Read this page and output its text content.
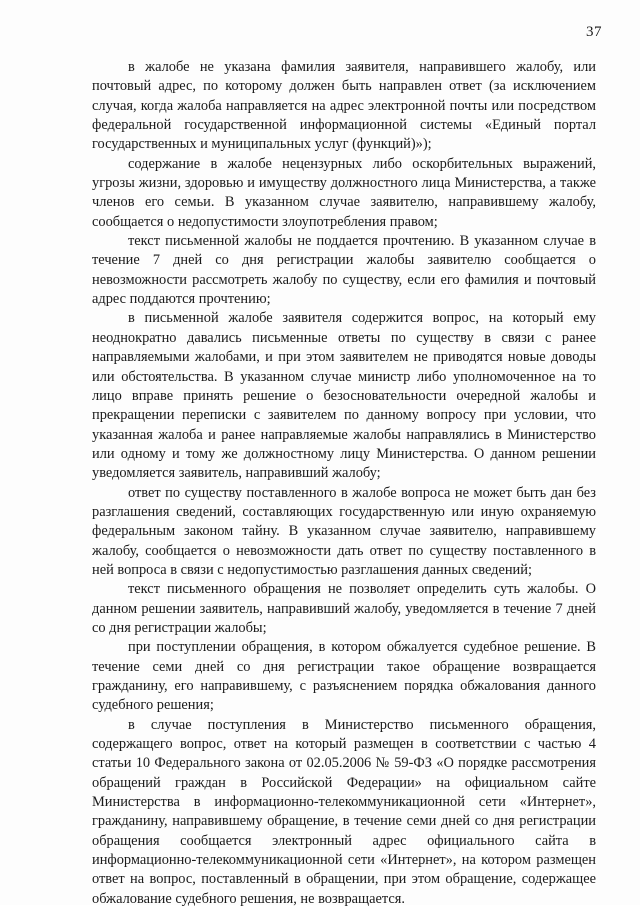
37

в жалобе не указана фамилия заявителя, направившего жалобу, или почтовый адрес, по которому должен быть направлен ответ (за исключением случая, когда жалоба направляется на адрес электронной почты или посредством федеральной государственной информационной системы «Единый портал государственных и муниципальных услуг (функций)»);

содержание в жалобе нецензурных либо оскорбительных выражений, угрозы жизни, здоровью и имуществу должностного лица Министерства, а также членов его семьи. В указанном случае заявителю, направившему жалобу, сообщается о недопустимости злоупотребления правом;

текст письменной жалобы не поддается прочтению. В указанном случае в течение 7 дней со дня регистрации жалобы заявителю сообщается о невозможности рассмотреть жалобу по существу, если его фамилия и почтовый адрес поддаются прочтению;

в письменной жалобе заявителя содержится вопрос, на который ему неоднократно давались письменные ответы по существу в связи с ранее направляемыми жалобами, и при этом заявителем не приводятся новые доводы или обстоятельства. В указанном случае министр либо уполномоченное на то лицо вправе принять решение о безосновательности очередной жалобы и прекращении переписки с заявителем по данному вопросу при условии, что указанная жалоба и ранее направляемые жалобы направлялись в Министерство или одному и тому же должностному лицу Министерства. О данном решении уведомляется заявитель, направивший жалобу;

ответ по существу поставленного в жалобе вопроса не может быть дан без разглашения сведений, составляющих государственную или иную охраняемую федеральным законом тайну. В указанном случае заявителю, направившему жалобу, сообщается о невозможности дать ответ по существу поставленного в ней вопроса в связи с недопустимостью разглашения данных сведений;

текст письменного обращения не позволяет определить суть жалобы. О данном решении заявитель, направивший жалобу, уведомляется в течение 7 дней со дня регистрации жалобы;

при поступлении обращения, в котором обжалуется судебное решение. В течение семи дней со дня регистрации такое обращение возвращается гражданину, его направившему, с разъяснением порядка обжалования данного судебного решения;

в случае поступления в Министерство письменного обращения, содержащего вопрос, ответ на который размещен в соответствии с частью 4 статьи 10 Федерального закона от 02.05.2006 № 59-ФЗ «О порядке рассмотрения обращений граждан в Российской Федерации» на официальном сайте Министерства в информационно-телекоммуникационной сети «Интернет», гражданину, направившему обращение, в течение семи дней со дня регистрации обращения сообщается электронный адрес официального сайта в информационно-телекоммуникационной сети «Интернет», на котором размещен ответ на вопрос, поставленный в обращении, при этом обращение, содержащее обжалование судебного решения, не возвращается.
